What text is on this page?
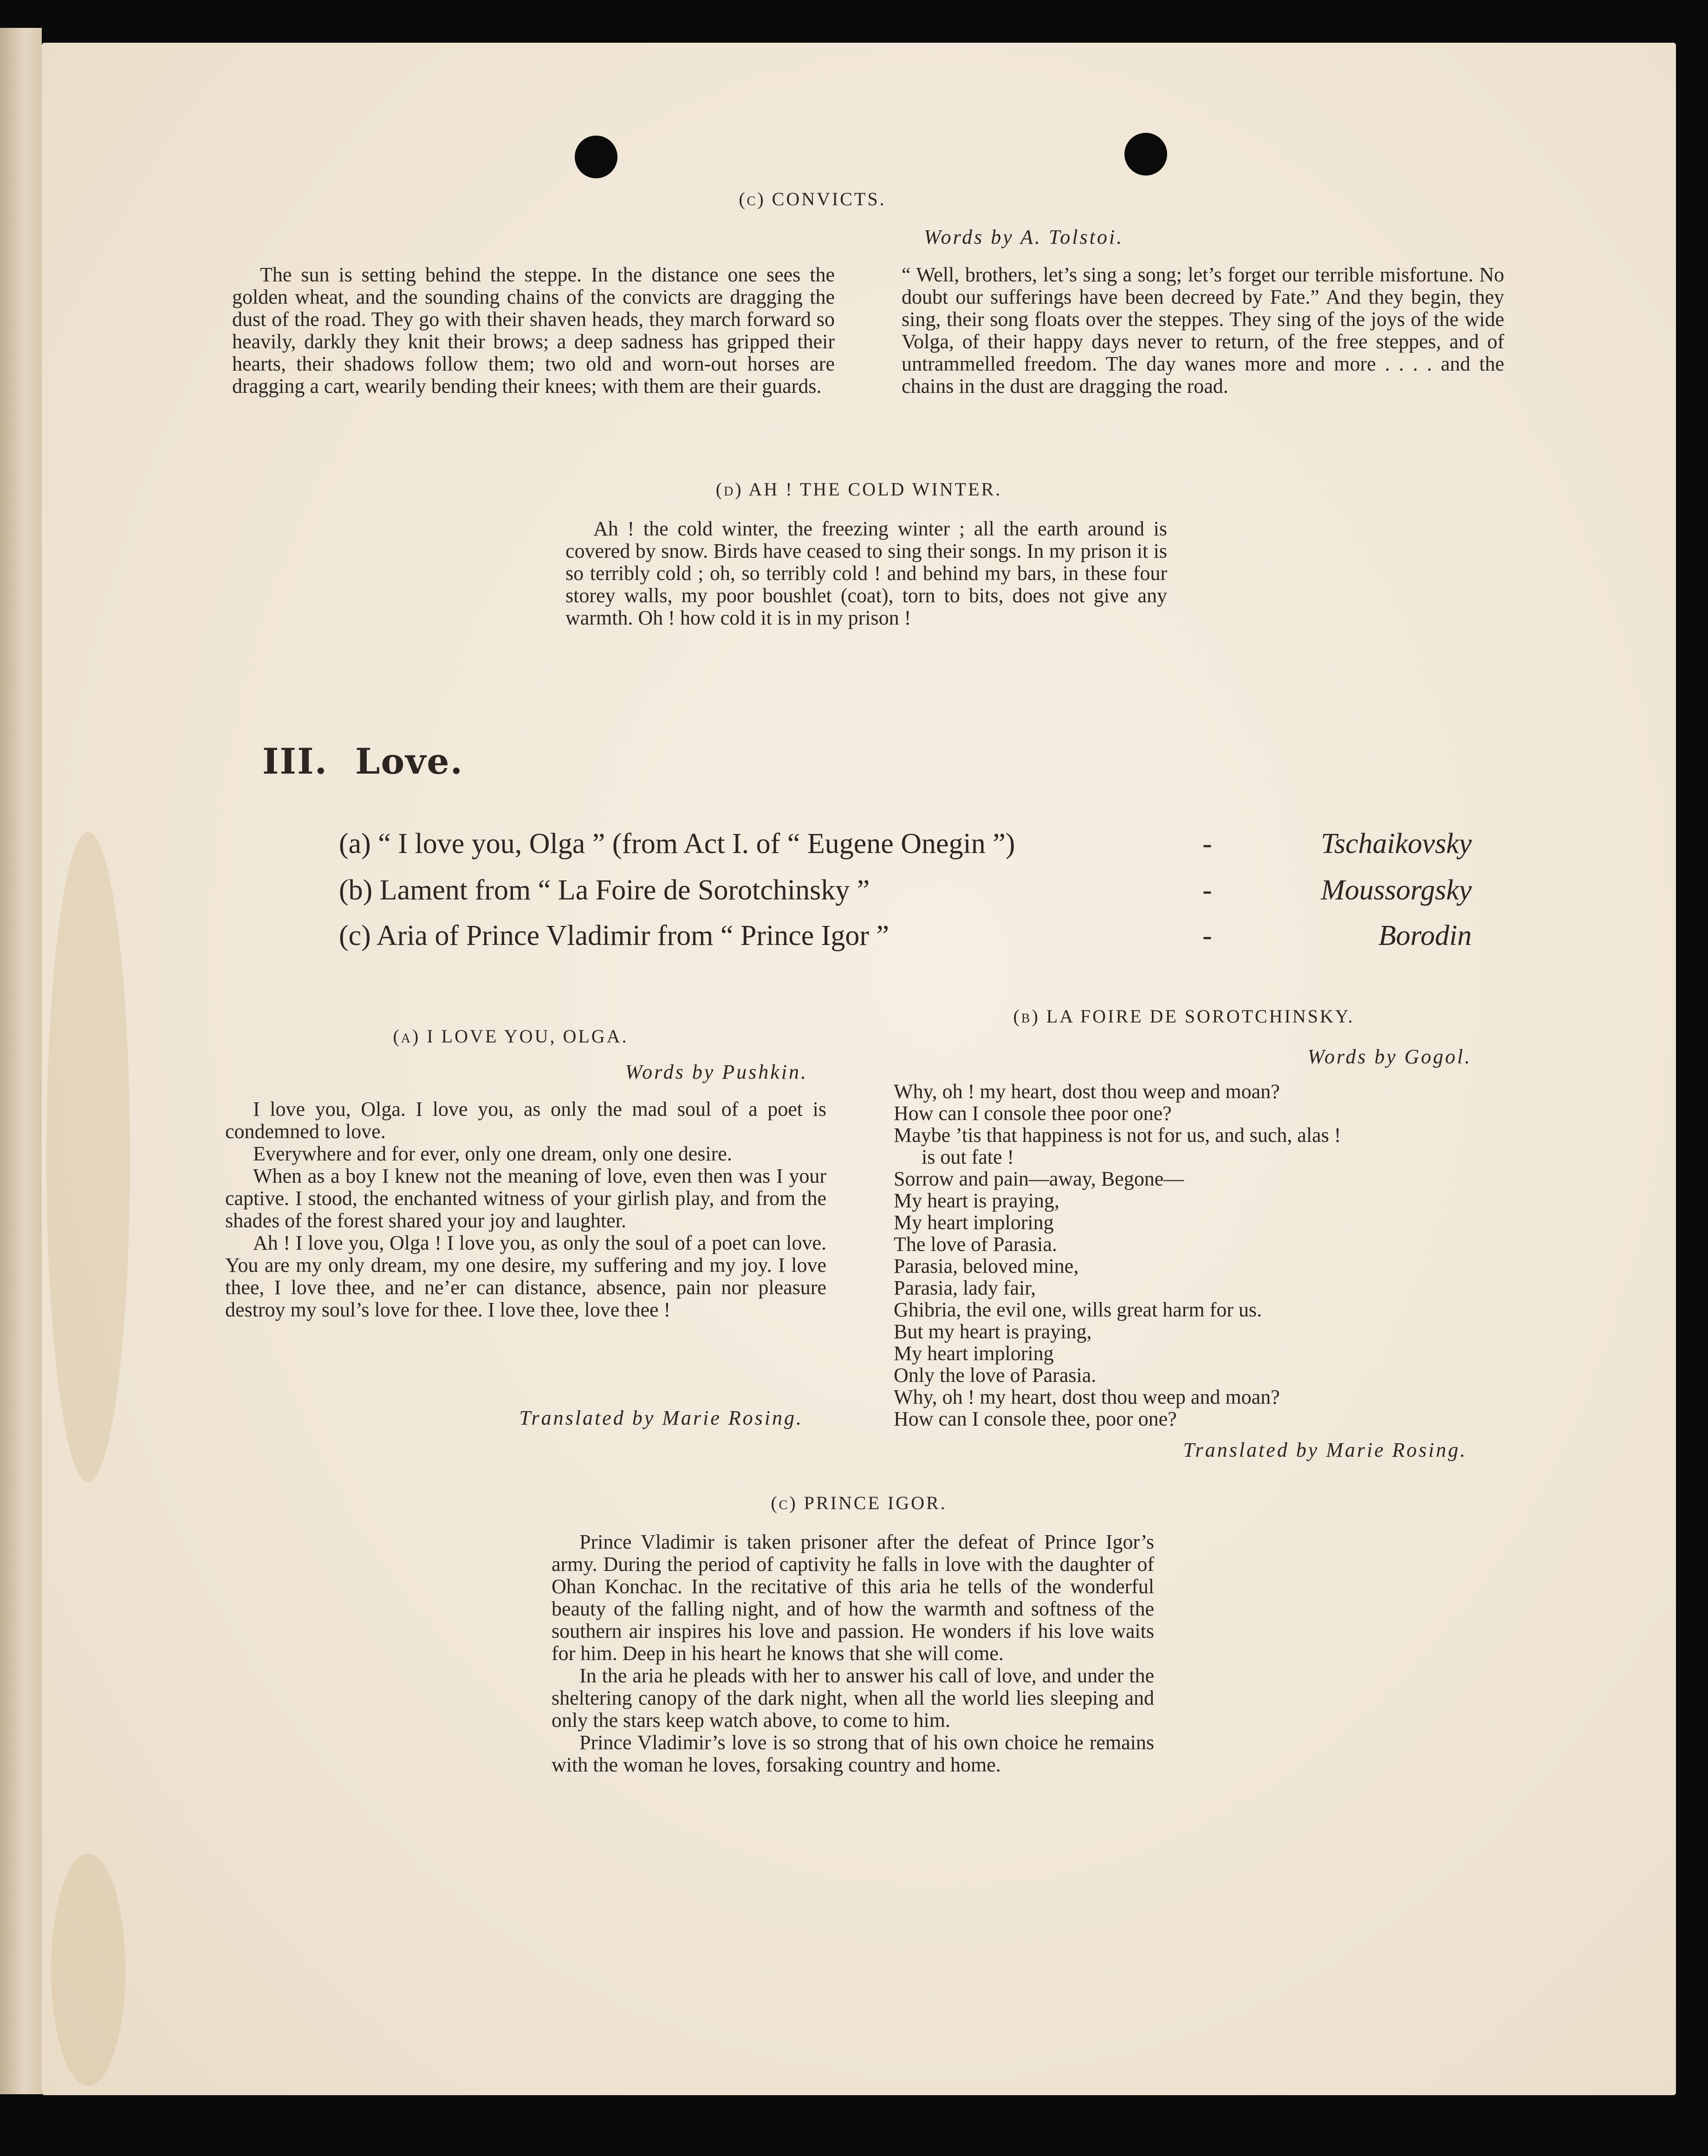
(c) CONVICTS.
Words by A. Tolstoi.

The sun is setting behind the steppe. In the distance one sees the golden wheat, and the sounding chains of the convicts are dragging the dust of the road. They go with their shaven heads, they march forward so heavily, darkly they knit their brows; a deep sadness has gripped their hearts, their shadows follow them; two old and worn-out horses are dragging a cart, wearily bending their knees; with them are their guards.

“ Well, brothers, let’s sing a song; let’s forget our terrible misfortune. No doubt our sufferings have been decreed by Fate.” And they begin, they sing, their song floats over the steppes. They sing of the joys of the wide Volga, of their happy days never to return, of the free steppes, and of untrammelled freedom. The day wanes more and more . . . . and the chains in the dust are dragging the road.

(d) AH ! THE COLD WINTER.

Ah ! the cold winter, the freezing winter ; all the earth around is covered by snow. Birds have ceased to sing their songs. In my prison it is so terribly cold ; oh, so terribly cold ! and behind my bars, in these four storey walls, my poor boushlet (coat), torn to bits, does not give any warmth. Oh ! how cold it is in my prison !

III. Love.
(a) “ I love you, Olga ” (from Act I. of “ Eugene Onegin ”)	-	Tschaikovsky
(b) Lament from “ La Foire de Sorotchinsky ”	-	Moussorgsky
(c) Aria of Prince Vladimir from “ Prince Igor ”	-	Borodin
(a) I LOVE YOU, OLGA.
Words by Pushkin.

I love you, Olga. I love you, as only the mad soul of a poet is condemned to love.

Everywhere and for ever, only one dream, only one desire.

When as a boy I knew not the meaning of love, even then was I your captive. I stood, the enchanted witness of your girlish play, and from the shades of the forest shared your joy and laughter.

Ah ! I love you, Olga ! I love you, as only the soul of a poet can love. You are my only dream, my one desire, my suffering and my joy. I love thee, I love thee, and ne’er can distance, absence, pain nor pleasure destroy my soul’s love for thee. I love thee, love thee !

Translated by Marie Rosing.
(b) LA FOIRE DE SOROTCHINSKY.
Words by Gogol.

Why, oh ! my heart, dost thou weep and moan?

How can I console thee poor one?

Maybe ’tis that happiness is not for us, and such, alas !

is out fate !

Sorrow and pain—away, Begone—

My heart is praying,

My heart imploring

The love of Parasia.

Parasia, beloved mine,

Parasia, lady fair,

Ghibria, the evil one, wills great harm for us.

But my heart is praying,

My heart imploring

Only the love of Parasia.

Why, oh ! my heart, dost thou weep and moan?

How can I console thee, poor one?

Translated by Marie Rosing.
(c) PRINCE IGOR.

Prince Vladimir is taken prisoner after the defeat of Prince Igor’s army. During the period of captivity he falls in love with the daughter of Ohan Konchac. In the recitative of this aria he tells of the wonderful beauty of the falling night, and of how the warmth and softness of the southern air inspires his love and passion. He wonders if his love waits for him. Deep in his heart he knows that she will come.

In the aria he pleads with her to answer his call of love, and under the sheltering canopy of the dark night, when all the world lies sleeping and only the stars keep watch above, to come to him.

Prince Vladimir’s love is so strong that of his own choice he remains with the woman he loves, forsaking country and home.
